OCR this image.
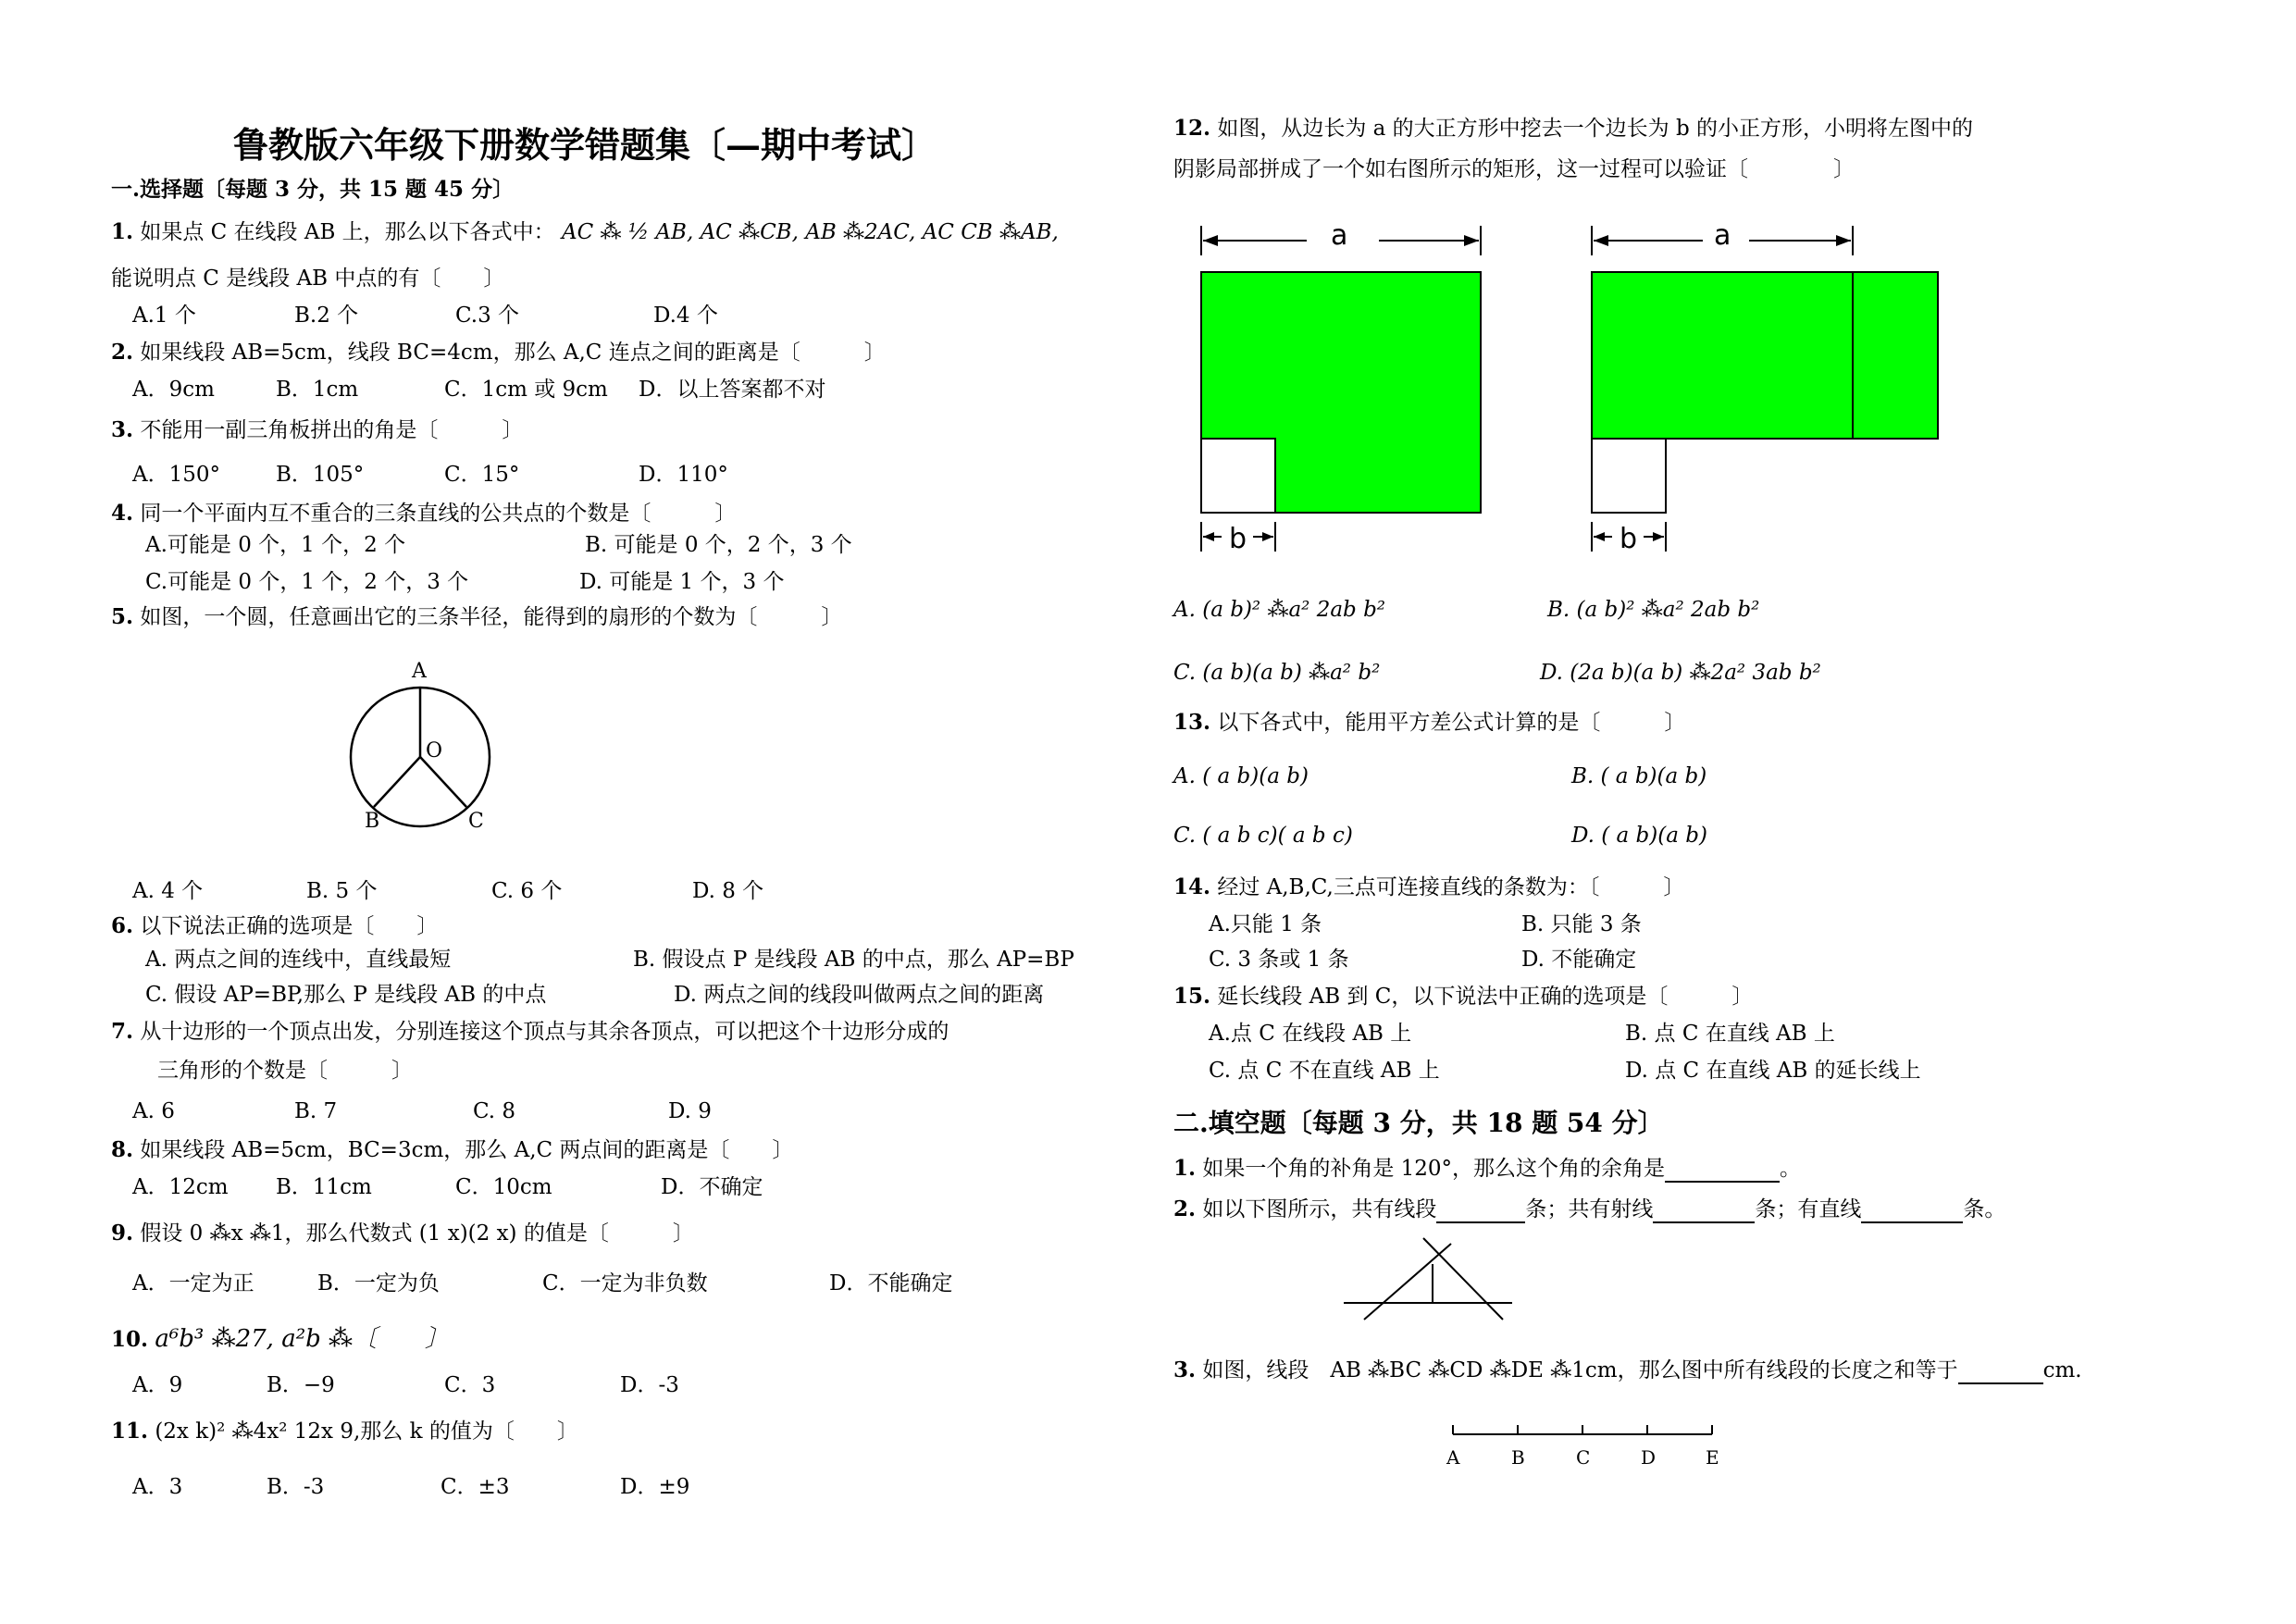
鲁教版六年级下册数学错题集〔—期中考试〕
一.选择题〔每题 3 分，共 15 题 45 分〕
1. 如果点 C 在线段 AB 上，那么以下各式中： AC ⁂ ½ AB, AC ⁂CB, AB ⁂2AC, AC CB ⁂AB,
能说明点 C 是线段 AB 中点的有〔　　〕
A.1 个	B.2 个	C.3 个	D.4 个
2. 如果线段 AB=5cm，线段 BC=4cm，那么 A,C 连点之间的距离是〔　　　〕
A．9cm	B．1cm	C．1cm 或 9cm D．以上答案都不对
3. 不能用一副三角板拼出的角是〔　　　〕
A．150°	B．105°	C．15°	D．110°
4. 同一个平面内互不重合的三条直线的公共点的个数是〔　　　〕
A.可能是 0 个，1 个，2 个	B. 可能是 0 个，2 个，3 个
C.可能是 0 个，1 个，2 个，3 个	D. 可能是 1 个，3 个
5. 如图，一个圆，任意画出它的三条半径，能得到的扇形的个数为〔　　　〕
A
O
B	C
A. 4 个	B. 5 个	C. 6 个	D. 8 个
6. 以下说法正确的选项是〔　　〕
A. 两点之间的连线中，直线最短	B. 假设点 P 是线段 AB 的中点，那么 AP=BP
C. 假设 AP=BP,那么 P 是线段 AB 的中点	D. 两点之间的线段叫做两点之间的距离
7. 从十边形的一个顶点出发，分别连接这个顶点与其余各顶点，可以把这个十边形分成的
三角形的个数是〔　　　〕
A. 6	B. 7	C. 8	D. 9
8. 如果线段 AB=5cm，BC=3cm，那么 A,C 两点间的距离是〔　　〕
A．12cm B．11cm	C．10cm	D．不确定
9. 假设 0 ⁂x ⁂1，那么代数式 (1 x)(2 x) 的值是〔　　　〕
A．一定为正	B．一定为负	C．一定为非负数	D．不能确定
10. a⁶b³ ⁂27, a²b ⁂〔　　〕
A．9	B．−9	C．3	D．-3
11. (2x k)² ⁂4x² 12x 9,那么 k 的值为〔　　〕
A．3	B．-3	C．±3	D．±9
12. 如图，从边长为 a 的大正方形中挖去一个边长为 b 的小正方形，小明将左图中的
阴影局部拼成了一个如右图所示的矩形，这一过程可以验证〔　　　　〕
a
b
a
b
A. (a b)² ⁂a² 2ab b²	B. (a b)² ⁂a² 2ab b²
C. (a b)(a b) ⁂a² b²	D. (2a b)(a b) ⁂2a² 3ab b²
13. 以下各式中，能用平方差公式计算的是〔　　　〕
A. ( a b)(a b)	B. ( a b)(a b)
C. ( a b c)( a b c)	D. ( a b)(a b)
14. 经过 A,B,C,三点可连接直线的条数为：〔　　　〕
A.只能 1 条	B. 只能 3 条
C. 3 条或 1 条	D. 不能确定
15. 延长线段 AB 到 C，以下说法中正确的选项是〔　　　〕
A.点 C 在线段 AB 上	B. 点 C 在直线 AB 上
C. 点 C 不在直线 AB 上	D. 点 C 在直线 AB 的延长线上
二.填空题〔每题 3 分，共 18 题 54 分〕
1. 如果一个角的补角是 120°，那么这个角的余角是	。
2. 如以下图所示，共有线段	条；共有射线	条；有直线	条。
3. 如图，线段　AB ⁂BC ⁂CD ⁂DE ⁂1cm，那么图中所有线段的长度之和等于	cm.
A	B	C	D	E
